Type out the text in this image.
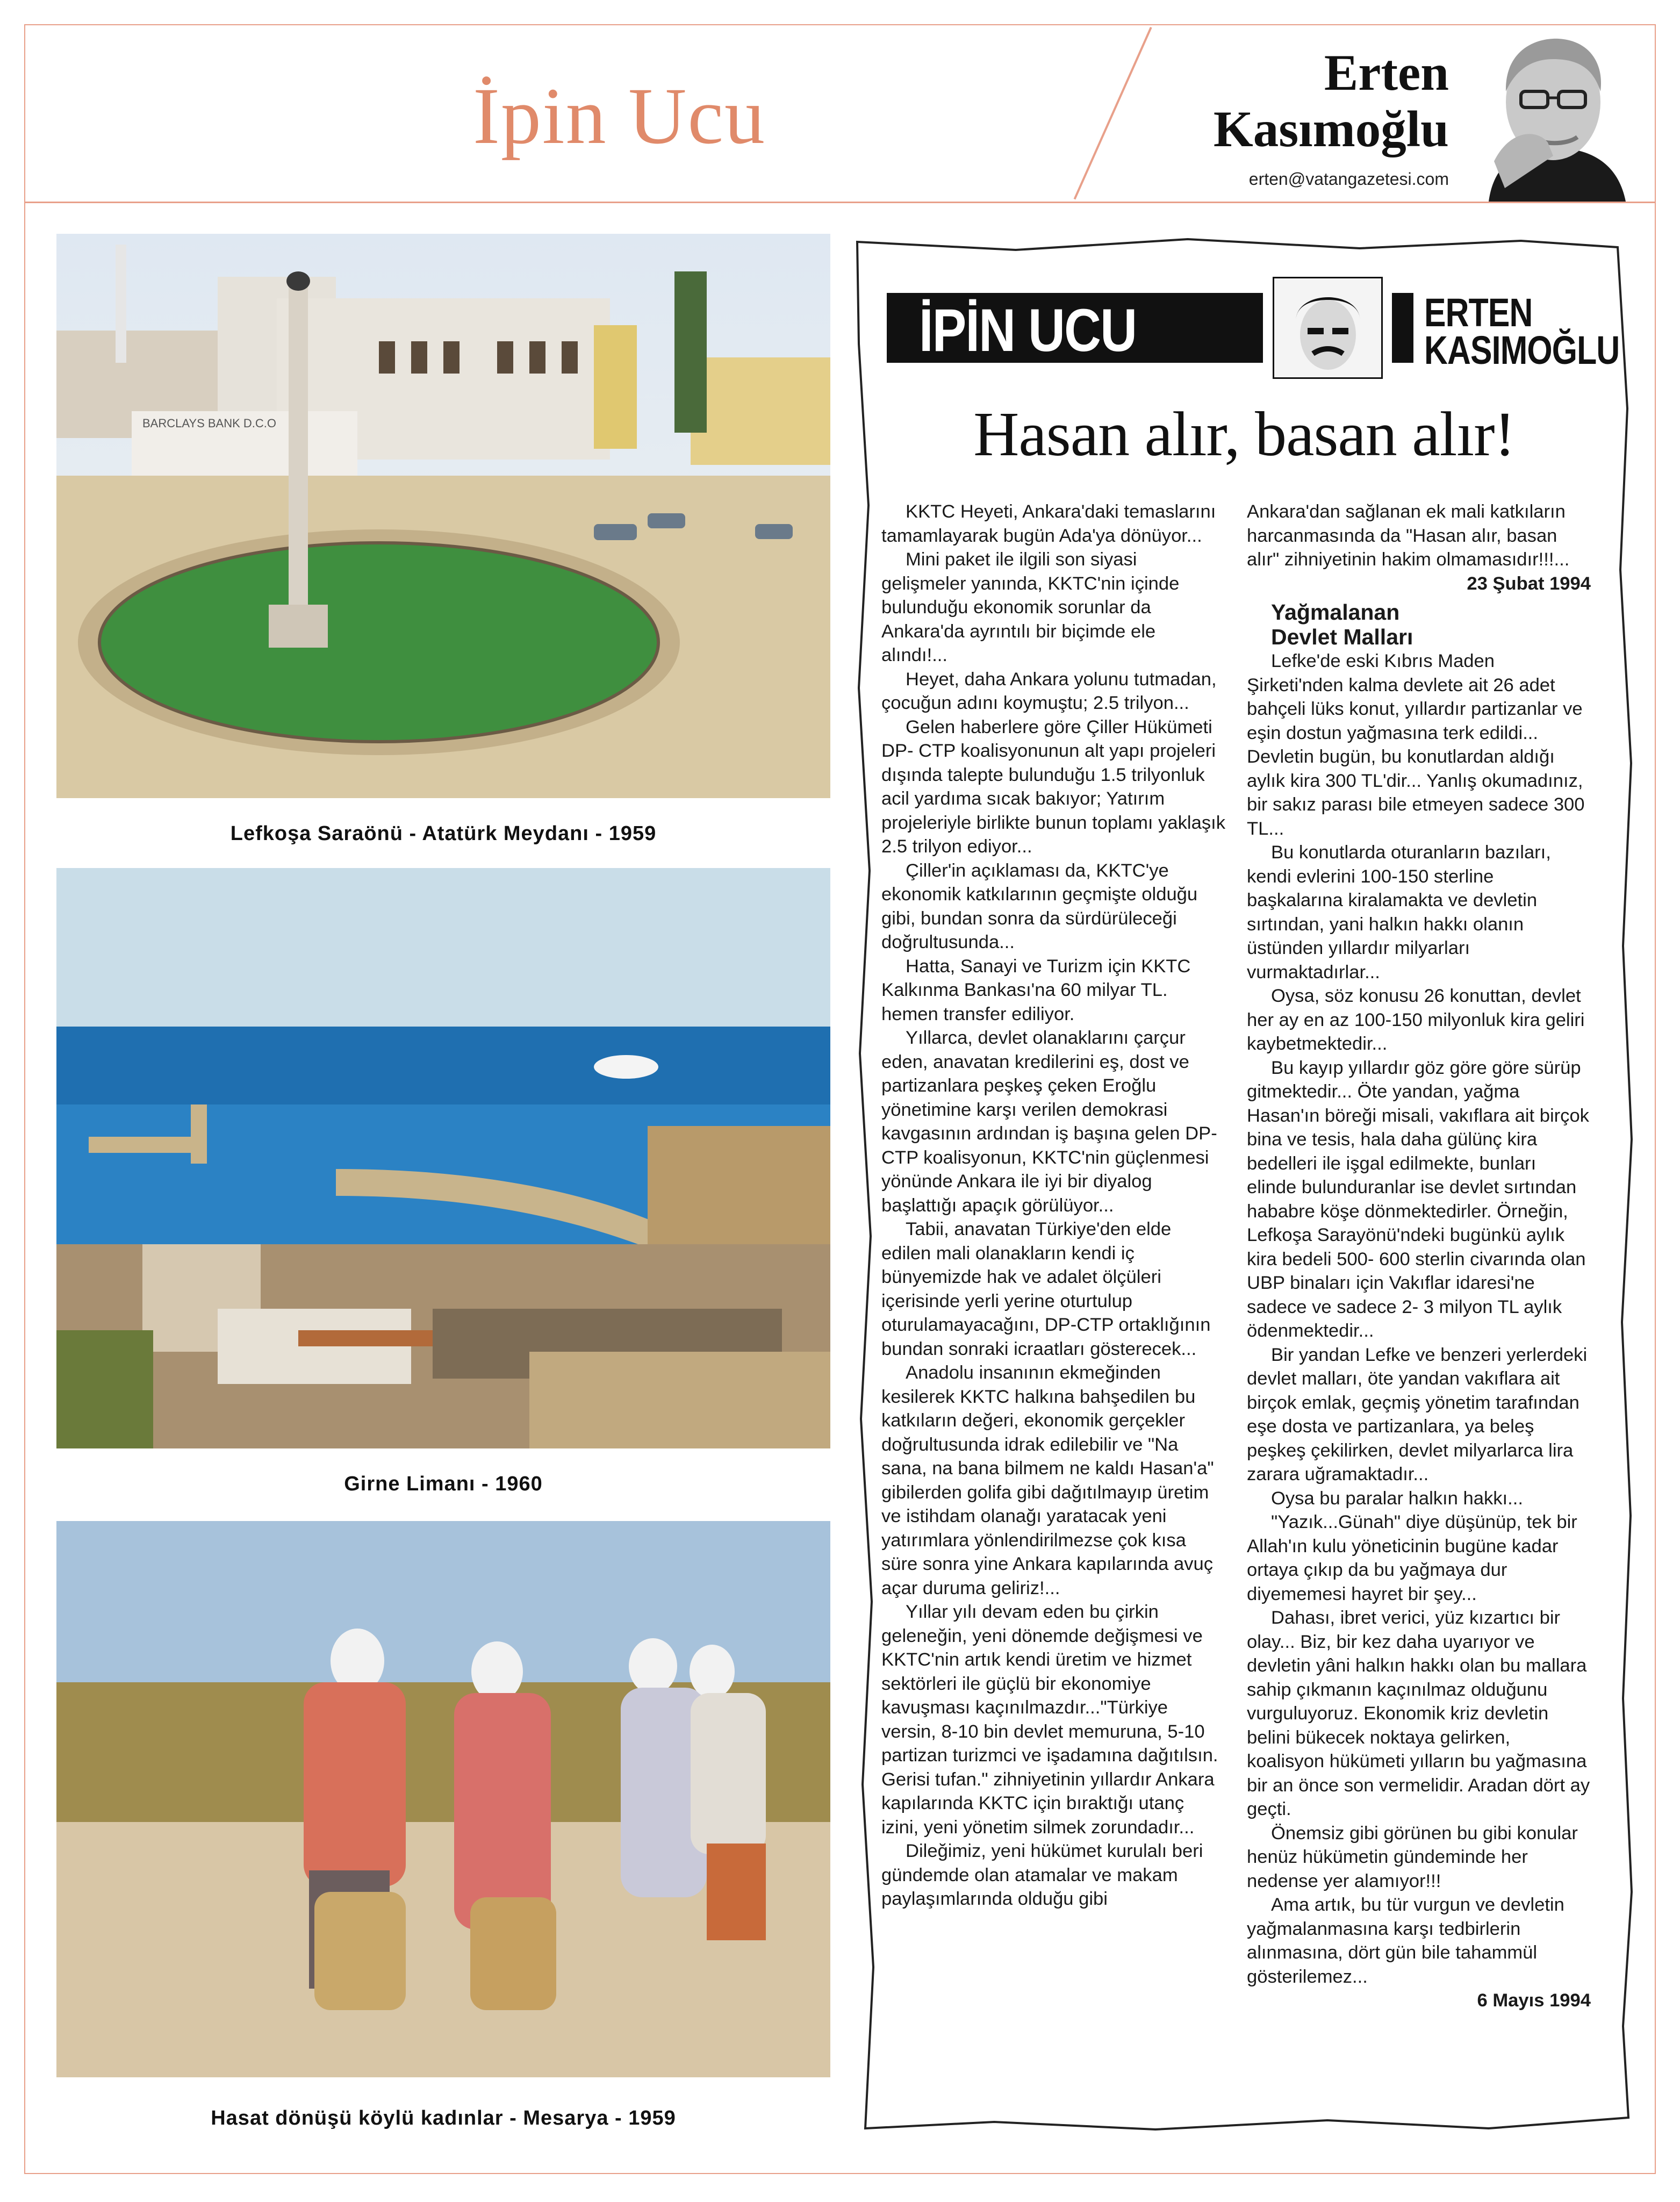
İpin Ucu	Erten
Kasımoğlu
erten@vatangazetesi.com
BARCLAYS BANK D.C.O
Lefkoşa Saraönü - Atatürk Meydanı - 1959
Girne Limanı - 1960
Hasat dönüşü köylü kadınlar - Mesarya - 1959
İPİN UCU	ERTEN
KASIMOĞLU
Hasan alır, basan alır!

KKTC Heyeti, Ankara'daki temaslarını tamamlayarak bugün Ada'ya dönüyor...

Mini paket ile ilgili son siyasi gelişmeler yanında, KKTC'nin içinde bulunduğu ekonomik sorunlar da Ankara'da ayrıntılı bir biçimde ele alındı!...

Heyet, daha Ankara yolunu tutmadan, çocuğun adını koymuştu; 2.5 trilyon...

Gelen haberlere göre Çiller Hükümeti DP- CTP koalisyonunun alt yapı projeleri dışında talepte bulunduğu 1.5 trilyonluk acil yardıma sıcak bakıyor; Yatırım projeleriyle birlikte bunun toplamı yaklaşık 2.5 trilyon ediyor...

Çiller'in açıklaması da, KKTC'ye ekonomik katkılarının geçmişte olduğu gibi, bundan sonra da sürdürüleceği doğrultusunda...

Hatta, Sanayi ve Turizm için KKTC Kalkınma Bankası'na 60 milyar TL. hemen transfer ediliyor.

Yıllarca, devlet olanaklarını çarçur eden, anavatan kredilerini eş, dost ve partizanlara peşkeş çeken Eroğlu yönetimine karşı verilen demokrasi kavgasının ardından iş başına gelen DP- CTP koalisyonun, KKTC'nin güçlenmesi yönünde Ankara ile iyi bir diyalog başlattığı apaçık görülüyor...

Tabii, anavatan Türkiye'den elde edilen mali olanakların kendi iç bünyemizde hak ve adalet ölçüleri içerisinde yerli yerine oturtulup oturulamayacağını, DP-CTP ortaklığının bundan sonraki icraatları gösterecek...

Anadolu insanının ekmeğinden kesilerek KKTC halkına bahşedilen bu katkıların değeri, ekonomik gerçekler doğrultusunda idrak edilebilir ve "Na sana, na bana bilmem ne kaldı Hasan'a" gibilerden golifa gibi dağıtılmayıp üretim ve istihdam olanağı yaratacak yeni yatırımlara yönlendirilmezse çok kısa süre sonra yine Ankara kapılarında avuç açar duruma geliriz!...

Yıllar yılı devam eden bu çirkin geleneğin, yeni dönemde değişmesi ve KKTC'nin artık kendi üretim ve hizmet sektörleri ile güçlü bir ekonomiye kavuşması kaçınılmazdır..."Türkiye versin, 8-10 bin devlet memuruna, 5-10 partizan turizmci ve işadamına dağıtılsın. Gerisi tufan." zihniyetinin yıllardır Ankara kapılarında KKTC için bıraktığı utanç izini, yeni yönetim silmek zorundadır...

Dileğimiz, yeni hükümet kurulalı beri gündemde olan atamalar ve makam paylaşımlarında olduğu gibi

Ankara'dan sağlanan ek mali katkıların harcanmasında da "Hasan alır, basan alır" zihniyetinin hakim olmamasıdır!!!...

23 Şubat 1994

Yağmalanan
Devlet Malları

Lefke'de eski Kıbrıs Maden Şirketi'nden kalma devlete ait 26 adet bahçeli lüks konut, yıllardır partizanlar ve eşin dostun yağmasına terk edildi... Devletin bugün, bu konutlardan aldığı aylık kira 300 TL'dir... Yanlış okumadınız, bir sakız parası bile etmeyen sadece 300 TL...

Bu konutlarda oturanların bazıları, kendi evlerini 100-150 sterline başkalarına kiralamakta ve devletin sırtından, yani halkın hakkı olanın üstünden yıllardır milyarları vurmaktadırlar...

Oysa, söz konusu 26 konuttan, devlet her ay en az 100-150 milyonluk kira geliri kaybetmektedir...

Bu kayıp yıllardır göz göre göre sürüp gitmektedir... Öte yandan, yağma Hasan'ın böreği misali, vakıflara ait birçok bina ve tesis, hala daha gülünç kira bedelleri ile işgal edilmekte, bunları elinde bulunduranlar ise devlet sırtından hababre köşe dönmektedirler. Örneğin, Lefkoşa Sarayönü'ndeki bugünkü aylık kira bedeli 500- 600 sterlin civarında olan UBP binaları için Vakıflar idaresi'ne sadece ve sadece 2- 3 milyon TL aylık ödenmektedir...

Bir yandan Lefke ve benzeri yerlerdeki devlet malları, öte yandan vakıflara ait birçok emlak, geçmiş yönetim tarafından eşe dosta ve partizanlara, ya beleş peşkeş çekilirken, devlet milyarlarca lira zarara uğramaktadır...

Oysa bu paralar halkın hakkı...

"Yazık...Günah" diye düşünüp, tek bir Allah'ın kulu yöneticinin bugüne kadar ortaya çıkıp da bu yağmaya dur diyememesi hayret bir şey...

Dahası, ibret verici, yüz kızartıcı bir olay... Biz, bir kez daha uyarıyor ve devletin yâni halkın hakkı olan bu mallara sahip çıkmanın kaçınılmaz olduğunu vurguluyoruz. Ekonomik kriz devletin belini bükecek noktaya gelirken, koalisyon hükümeti yılların bu yağmasına bir an önce son vermelidir. Aradan dört ay geçti.

Önemsiz gibi görünen bu gibi konular henüz hükümetin gündeminde her nedense yer alamıyor!!!

Ama artık, bu tür vurgun ve devletin yağmalanmasına karşı tedbirlerin alınmasına, dört gün bile tahammül gösterilemez...

6 Mayıs 1994
